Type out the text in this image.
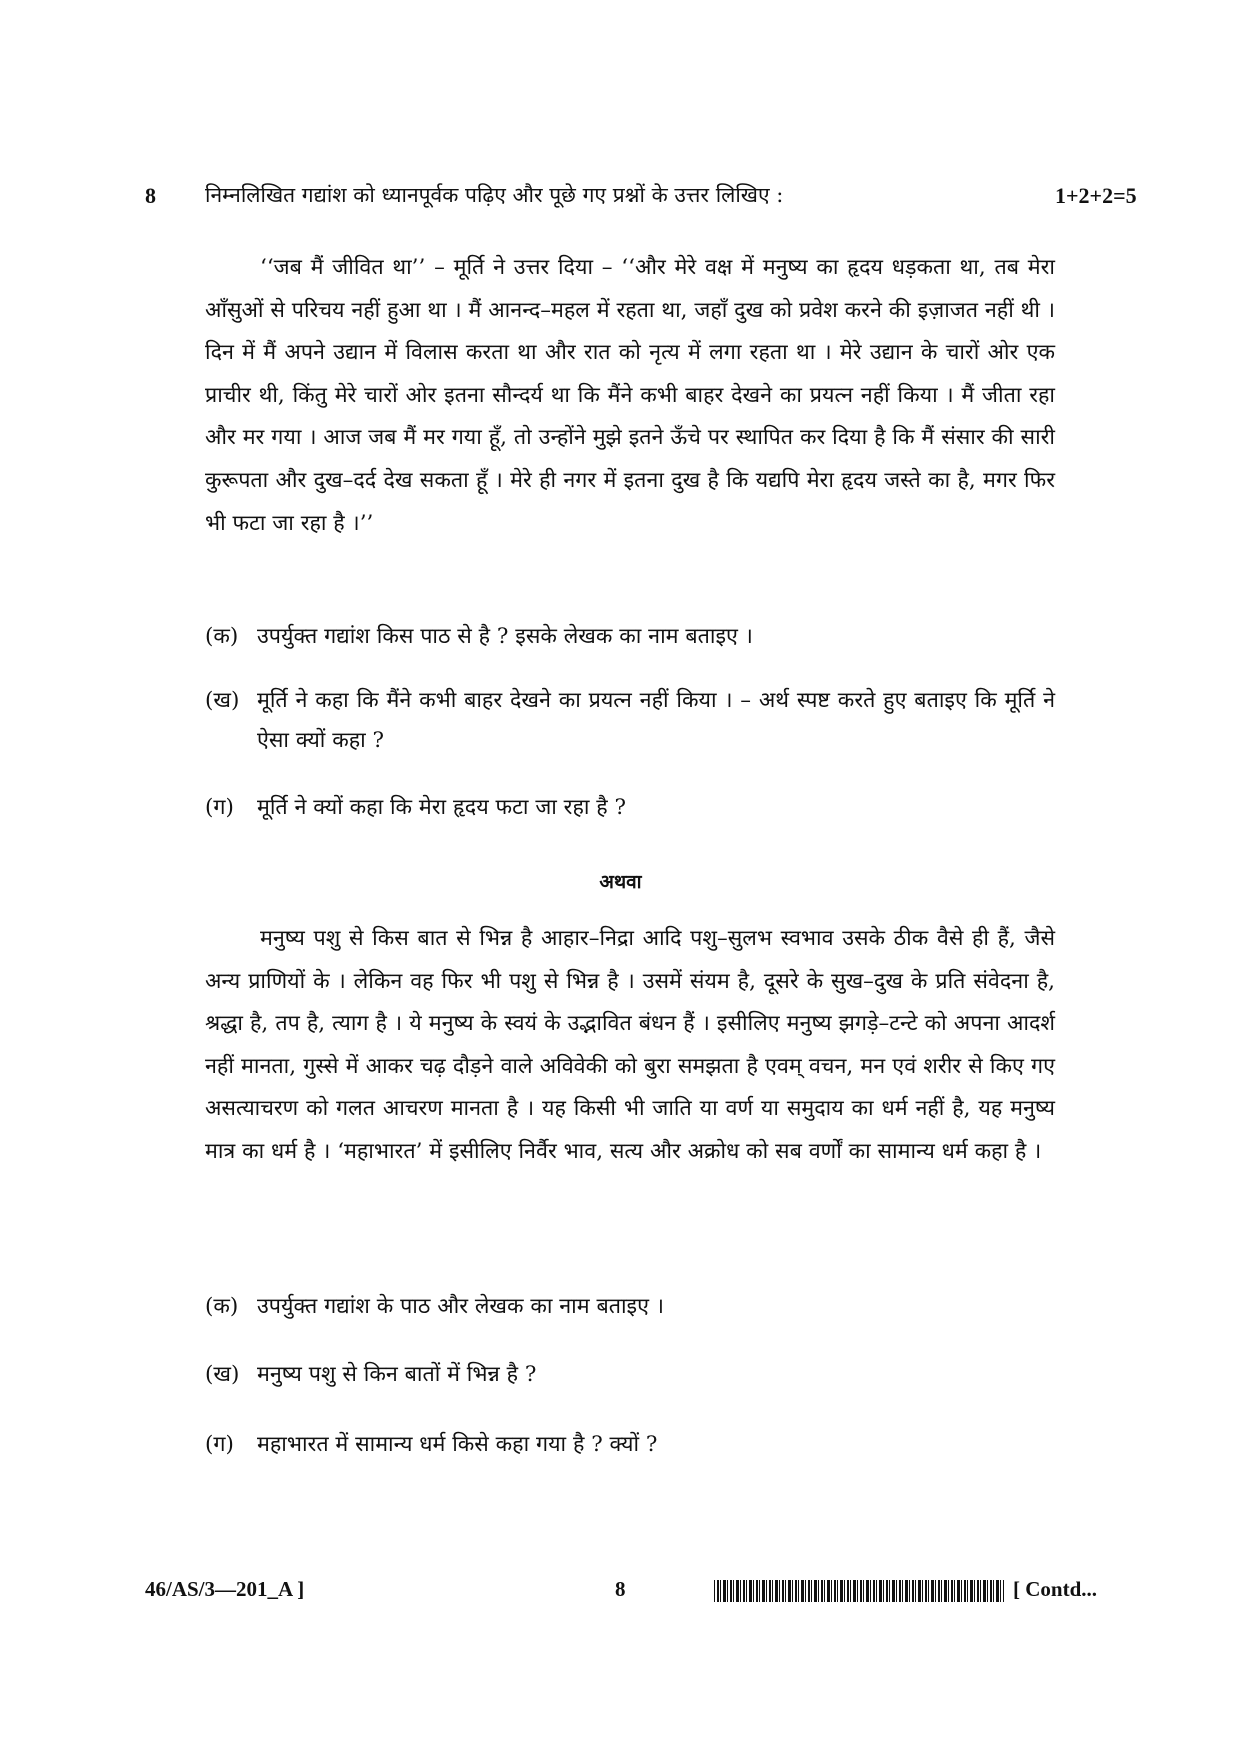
8 निम्नलिखित गद्यांश को ध्यानपूर्वक पढ़िए और पूछे गए प्रश्नों के उत्तर लिखिए :	1+2+2=5

‘‘जब मैं जीवित था’’ – मूर्ति ने उत्तर दिया – ‘‘और मेरे वक्ष में मनुष्य का हृदय धड़कता था, तब मेरा आँसुओं से परिचय नहीं हुआ था । मैं आनन्द–महल में रहता था, जहाँ दुख को प्रवेश करने की इज़ाजत नहीं थी । दिन में मैं अपने उद्यान में विलास करता था और रात को नृत्य में लगा रहता था । मेरे उद्यान के चारों ओर एक प्राचीर थी, किंतु मेरे चारों ओर इतना सौन्दर्य था कि मैंने कभी बाहर देखने का प्रयत्न नहीं किया । मैं जीता रहा और मर गया । आज जब मैं मर गया हूँ, तो उन्होंने मुझे इतने ऊँचे पर स्थापित कर दिया है कि मैं संसार की सारी कुरूपता और दुख–दर्द देख सकता हूँ । मेरे ही नगर में इतना दुख है कि यद्यपि मेरा हृदय जस्ते का है, मगर फिर भी फटा जा रहा है ।’’

(क) उपर्युक्त गद्यांश किस पाठ से है ? इसके लेखक का नाम बताइए ।
(ख) मूर्ति ने कहा कि मैंने कभी बाहर देखने का प्रयत्न नहीं किया । – अर्थ स्पष्ट करते हुए बताइए कि मूर्ति ने ऐसा क्यों कहा ?
(ग)	मूर्ति ने क्यों कहा कि मेरा हृदय फटा जा रहा है ?
अथवा

मनुष्य पशु से किस बात से भिन्न है आहार–निद्रा आदि पशु–सुलभ स्वभाव उसके ठीक वैसे ही हैं, जैसे अन्य प्राणियों के । लेकिन वह फिर भी पशु से भिन्न है । उसमें संयम है, दूसरे के सुख–दुख के प्रति संवेदना है, श्रद्धा है, तप है, त्याग है । ये मनुष्य के स्वयं के उद्भावित बंधन हैं । इसीलिए मनुष्य झगड़े–टन्टे को अपना आदर्श नहीं मानता, गुस्से में आकर चढ़ दौड़ने वाले अविवेकी को बुरा समझता है एवम् वचन, मन एवं शरीर से किए गए असत्याचरण को गलत आचरण मानता है । यह किसी भी जाति या वर्ण या समुदाय का धर्म नहीं है, यह मनुष्य मात्र का धर्म है । ‘महाभारत’ में इसीलिए निर्वैर भाव, सत्य और अक्रोध को सब वर्णों का सामान्य धर्म कहा है ।

(क) उपर्युक्त गद्यांश के पाठ और लेखक का नाम बताइए ।
(ख) मनुष्य पशु से किन बातों में भिन्न है ?
(ग)	महाभारत में सामान्य धर्म किसे कहा गया है ? क्यों ?
46/AS/3—201_A ]	8	[ Contd...
